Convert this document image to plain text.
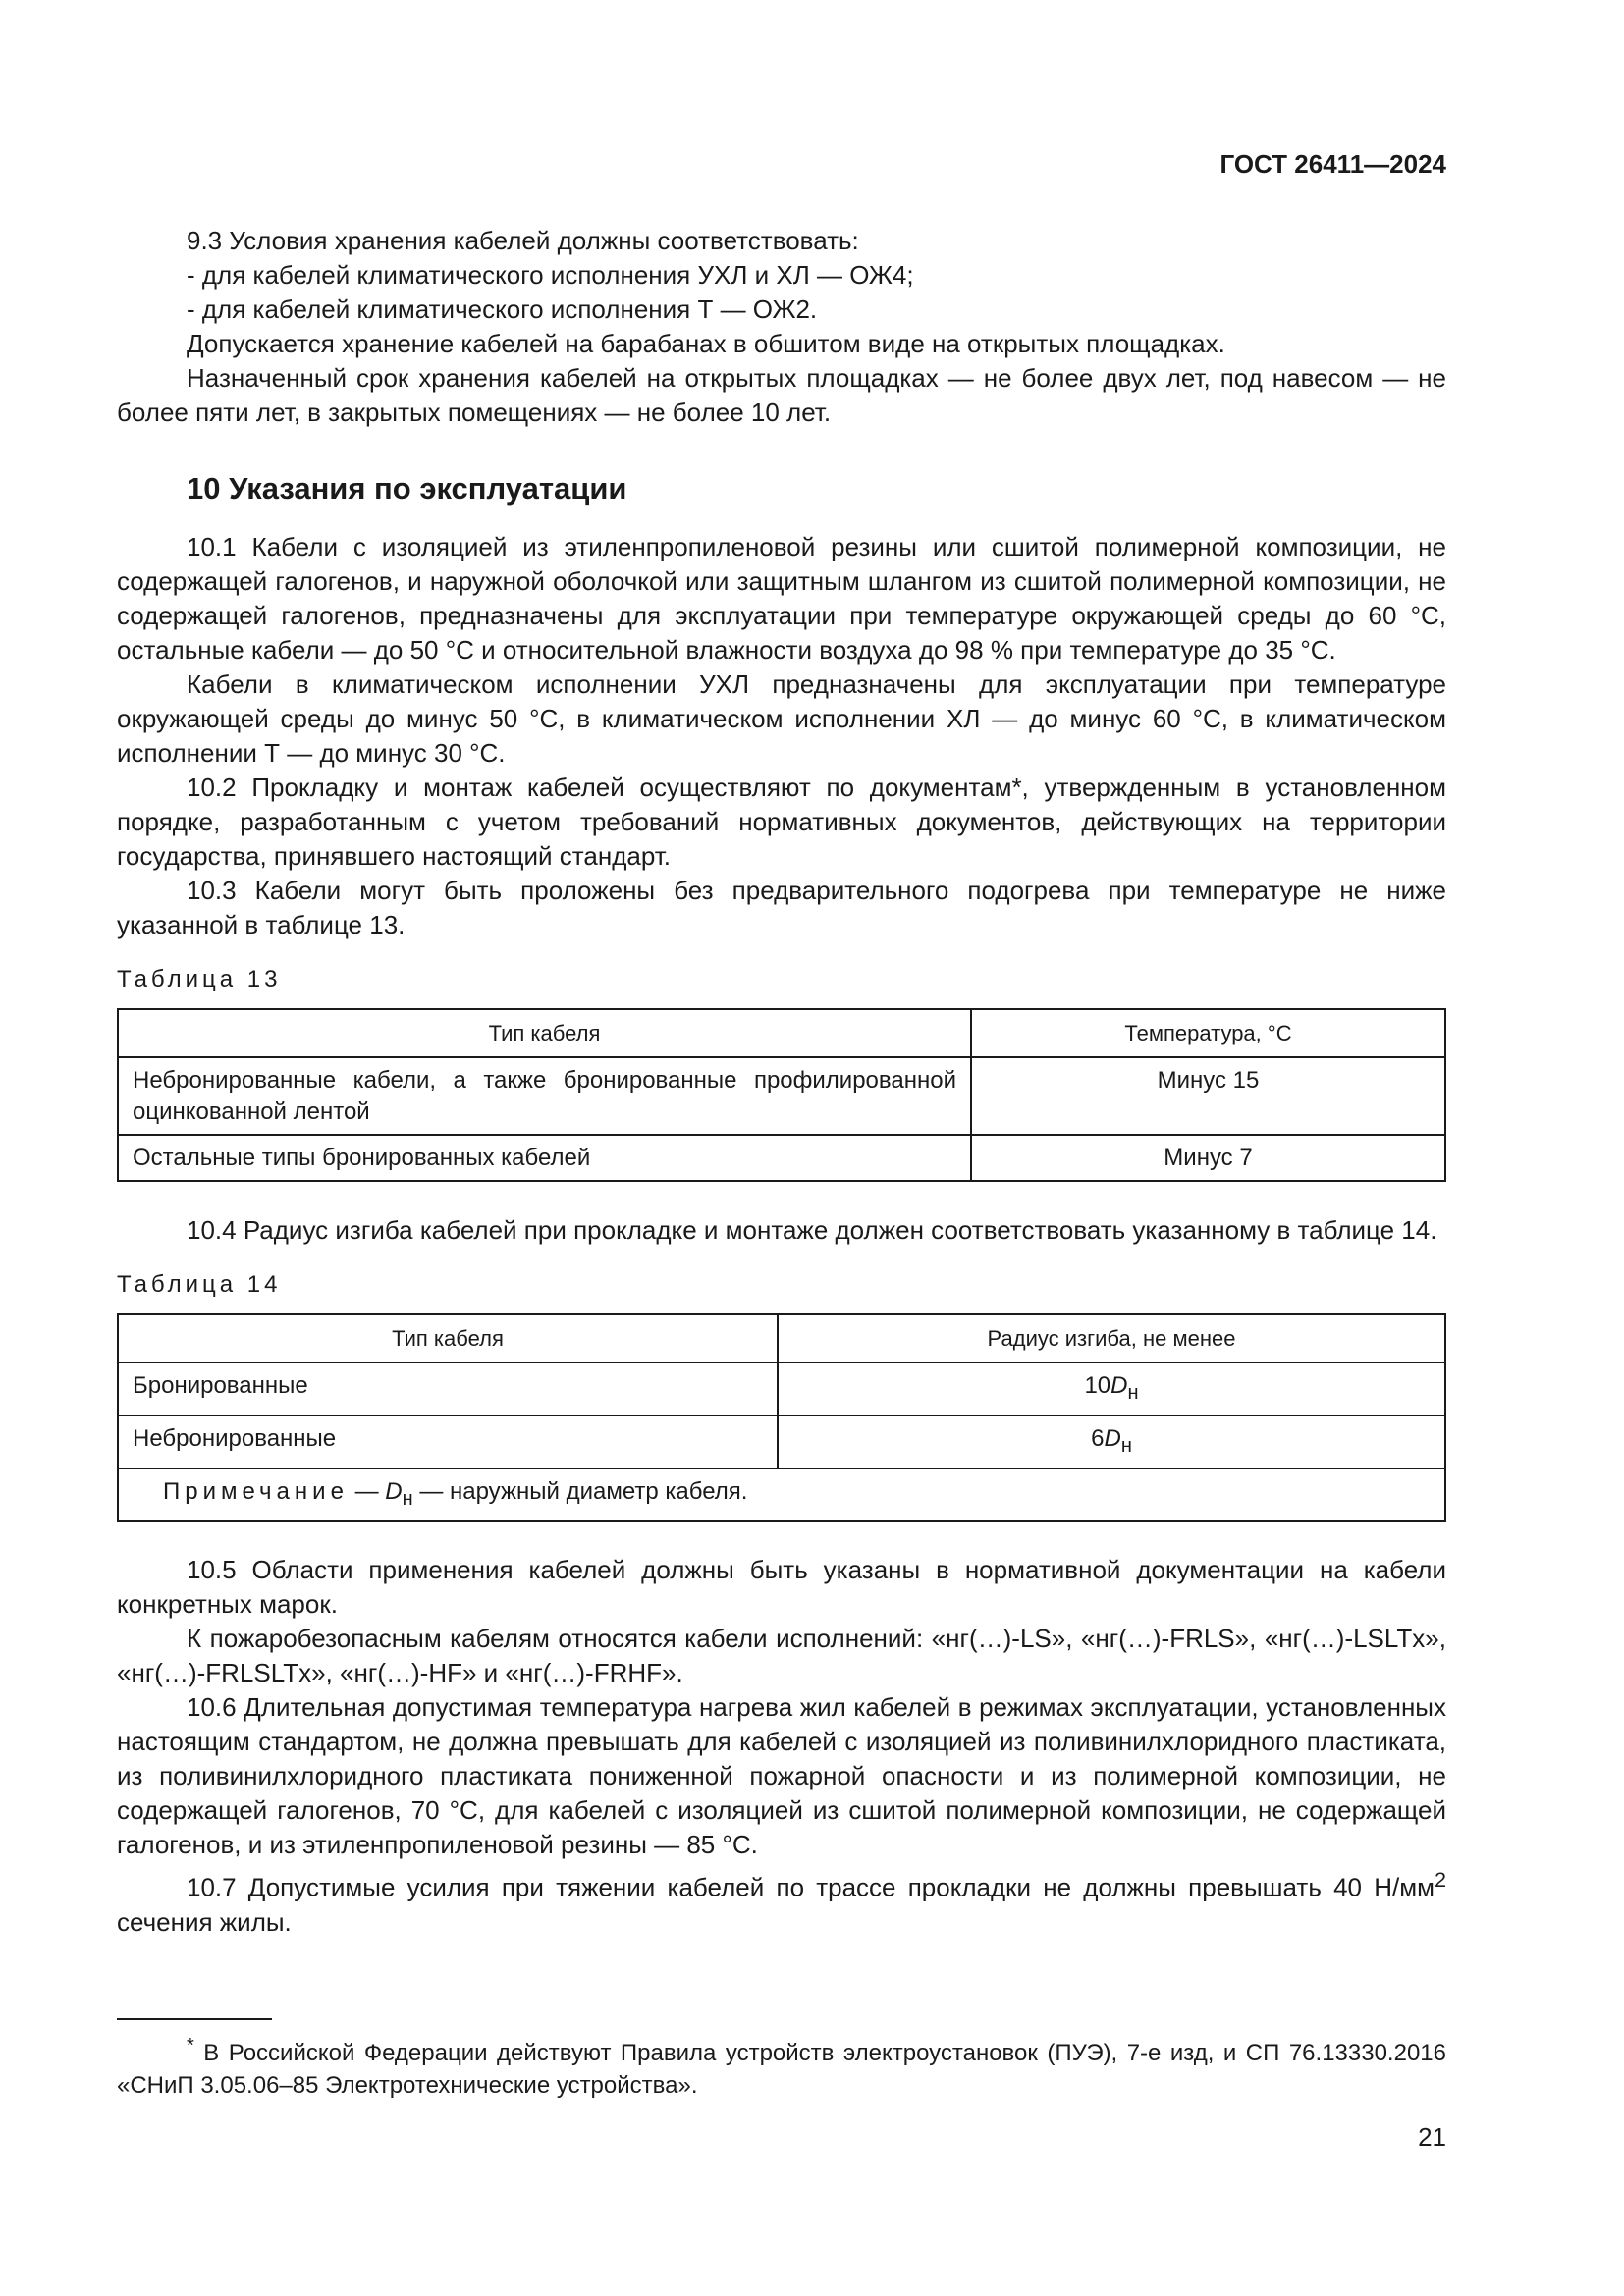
ГОСТ 26411—2024

9.3 Условия хранения кабелей должны соответствовать:

- для кабелей климатического исполнения УХЛ и ХЛ — ОЖ4;

- для кабелей климатического исполнения Т — ОЖ2.

Допускается хранение кабелей на барабанах в обшитом виде на открытых площадках.

Назначенный срок хранения кабелей на открытых площадках — не более двух лет, под навесом — не более пяти лет, в закрытых помещениях — не более 10 лет.

10 Указания по эксплуатации

10.1 Кабели с изоляцией из этиленпропиленовой резины или сшитой полимерной композиции, не содержащей галогенов, и наружной оболочкой или защитным шлангом из сшитой полимерной композиции, не содержащей галогенов, предназначены для эксплуатации при температуре окружающей среды до 60 °С, остальные кабели — до 50 °С и относительной влажности воздуха до 98 % при температуре до 35 °С.

Кабели в климатическом исполнении УХЛ предназначены для эксплуатации при температуре окружающей среды до минус 50 °С, в климатическом исполнении ХЛ — до минус 60 °С, в климатическом исполнении Т — до минус 30 °С.

10.2 Прокладку и монтаж кабелей осуществляют по документам*, утвержденным в установленном порядке, разработанным с учетом требований нормативных документов, действующих на территории государства, принявшего настоящий стандарт.

10.3 Кабели могут быть проложены без предварительного подогрева при температуре не ниже указанной в таблице 13.

Таблица 13

Тип кабеля	Температура, °С
Небронированные кабели, а также бронированные профилированной оцинкованной лентой	Минус 15
Остальные типы бронированных кабелей	Минус 7

10.4 Радиус изгиба кабелей при прокладке и монтаже должен соответствовать указанному в таблице 14.

Таблица 14

Тип кабеля	Радиус изгиба, не менее
Бронированные	$10D_н$
Небронированные	$6D_н$
Примечание — $D_н$ — наружный диаметр кабеля.	

10.5 Области применения кабелей должны быть указаны в нормативной документации на кабели конкретных марок.

К пожаробезопасным кабелям относятся кабели исполнений: «нг(…)-LS», «нг(…)-FRLS», «нг(…)-LSLTx», «нг(…)-FRLSLTx», «нг(…)-HF» и «нг(…)-FRHF».

10.6 Длительная допустимая температура нагрева жил кабелей в режимах эксплуатации, установленных настоящим стандартом, не должна превышать для кабелей с изоляцией из поливинилхлоридного пластиката, из поливинилхлоридного пластиката пониженной пожарной опасности и из полимерной композиции, не содержащей галогенов, 70 °С, для кабелей с изоляцией из сшитой полимерной композиции, не содержащей галогенов, и из этиленпропиленовой резины — 85 °С.

10.7 Допустимые усилия при тяжении кабелей по трассе прокладки не должны превышать 40 $Н/мм^2$ сечения жилы.

* В Российской Федерации действуют Правила устройств электроустановок (ПУЭ), 7-е изд, и СП 76.13330.2016 «СНиП 3.05.06–85 Электротехнические устройства».

21
